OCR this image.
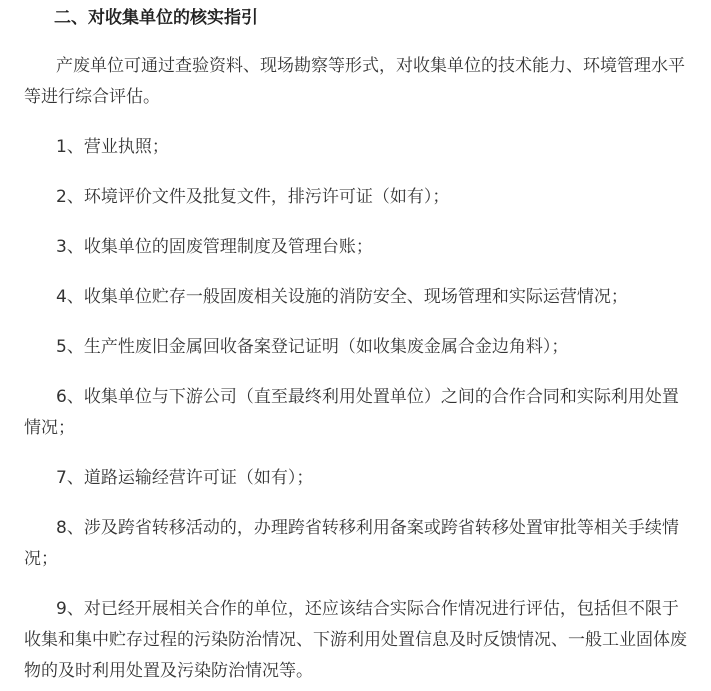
二、对收集单位的核实指引

产废单位可通过查验资料、现场勘察等形式，对收集单位的技术能力、环境管理水平等进行综合评估。

1、营业执照；

2、环境评价文件及批复文件，排污许可证（如有）；

3、收集单位的固废管理制度及管理台账；

4、收集单位贮存一般固废相关设施的消防安全、现场管理和实际运营情况；

5、生产性废旧金属回收备案登记证明（如收集废金属合金边角料）；

6、收集单位与下游公司（直至最终利用处置单位）之间的合作合同和实际利用处置情况；

7、道路运输经营许可证（如有）；

8、涉及跨省转移活动的，办理跨省转移利用备案或跨省转移处置审批等相关手续情况；

9、对已经开展相关合作的单位，还应该结合实际合作情况进行评估，包括但不限于收集和集中贮存过程的污染防治情况、下游利用处置信息及时反馈情况、一般工业固体废物的及时利用处置及污染防治情况等。
